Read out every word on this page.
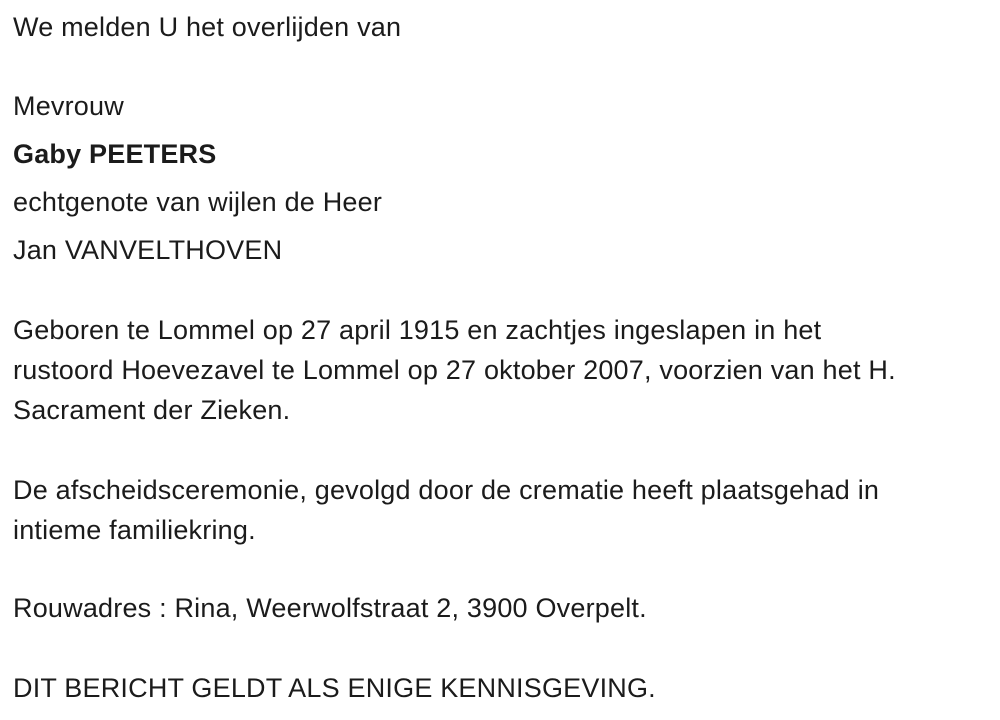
We melden U het overlijden van
Mevrouw
Gaby PEETERS
echtgenote van wijlen de Heer
Jan VANVELTHOVEN
Geboren te Lommel op 27 april 1915 en zachtjes ingeslapen in het
rustoord Hoevezavel te Lommel op 27 oktober 2007, voorzien van het H.
Sacrament der Zieken.
De afscheidsceremonie, gevolgd door de crematie heeft plaatsgehad in
intieme familiekring.
Rouwadres : Rina, Weerwolfstraat 2, 3900 Overpelt.
DIT BERICHT GELDT ALS ENIGE KENNISGEVING.
